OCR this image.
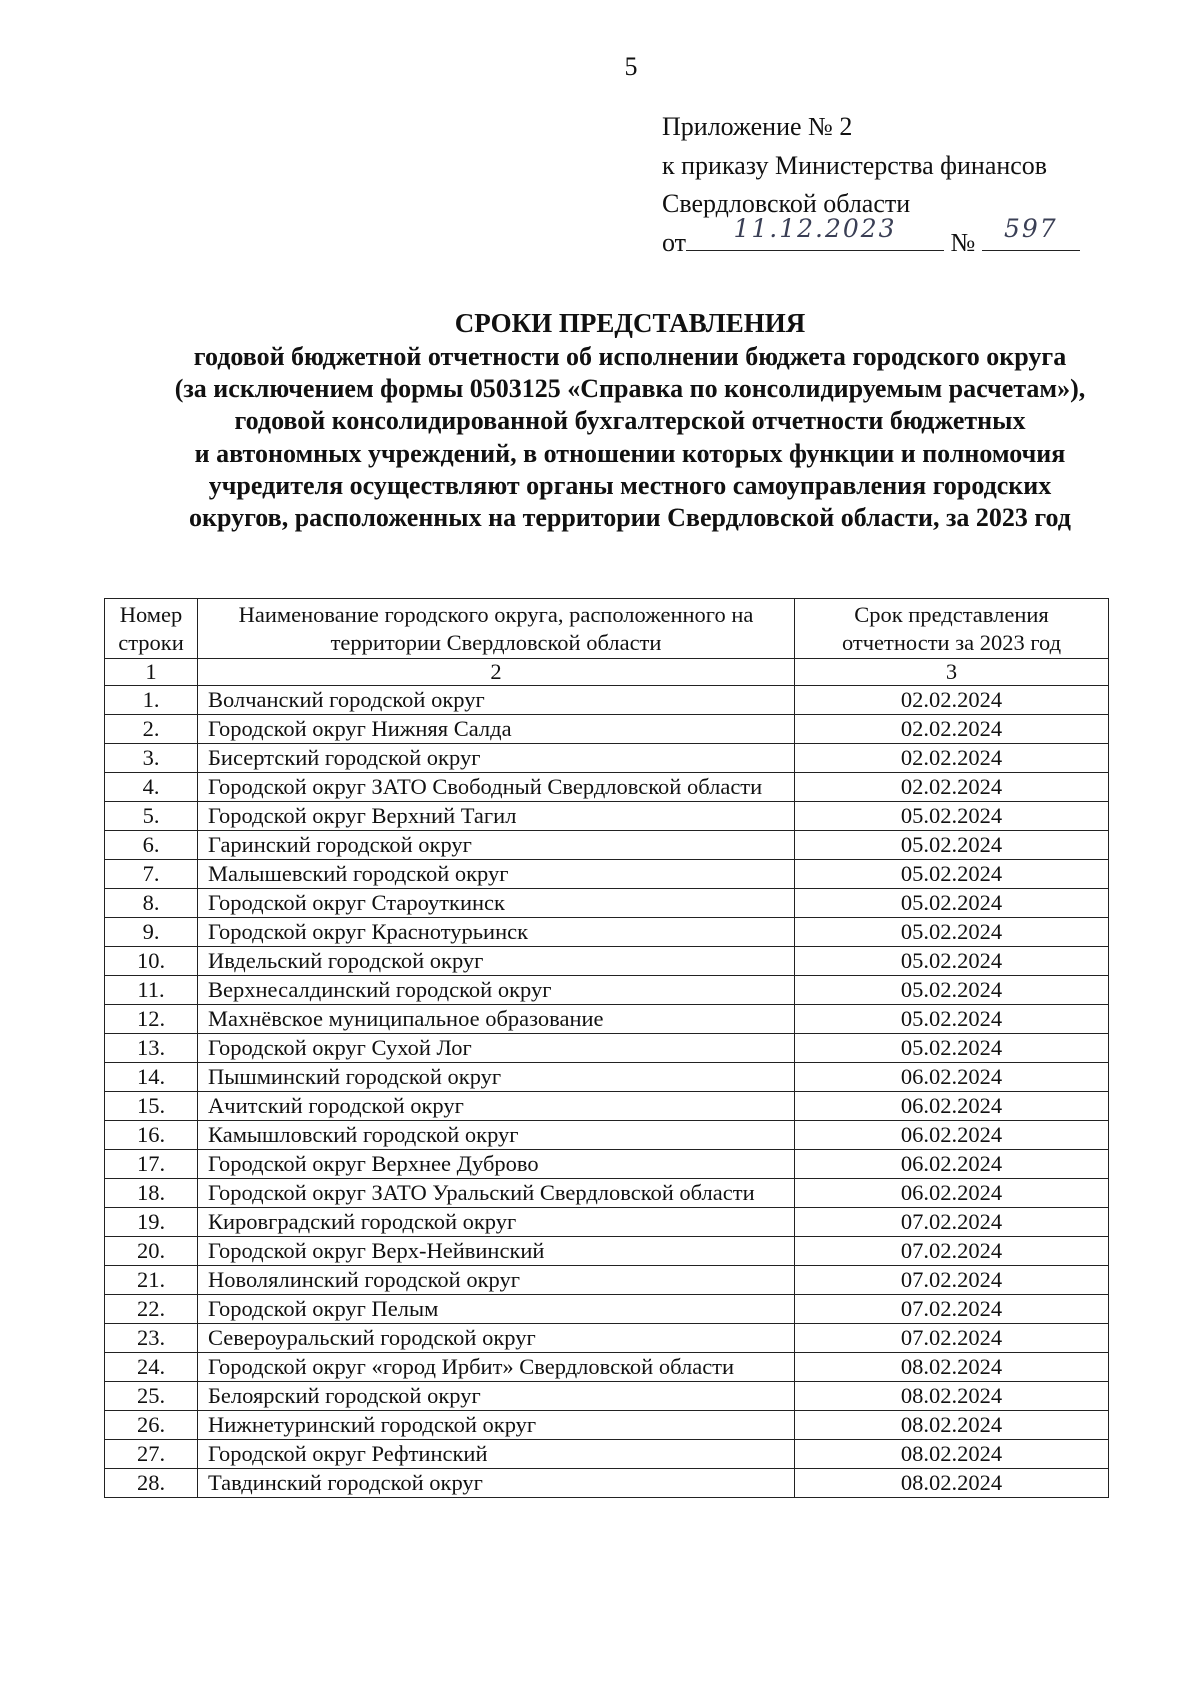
5
Приложение № 2
к приказу Министерства финансов
Свердловской области
от	11.12.2023	№	597
СРОКИ ПРЕДСТАВЛЕНИЯ
годовой бюджетной отчетности об исполнении бюджета городского округа
(за исключением формы 0503125 «Справка по консолидируемым расчетам»),
годовой консолидированной бухгалтерской отчетности бюджетных
и автономных учреждений, в отношении которых функции и полномочия
учредителя осуществляют органы местного самоуправления городских
округов, расположенных на территории Свердловской области, за 2023 год
Номер строки	Наименование городского округа, расположенного на территории Свердловской области	Срок представления отчетности за 2023 год
1	2	3
1.	Волчанский городской округ	02.02.2024
2.	Городской округ Нижняя Салда	02.02.2024
3.	Бисертский городской округ	02.02.2024
4.	Городской округ ЗАТО Свободный Свердловской области	02.02.2024
5.	Городской округ Верхний Тагил	05.02.2024
6.	Гаринский городской округ	05.02.2024
7.	Малышевский городской округ	05.02.2024
8.	Городской округ Староуткинск	05.02.2024
9.	Городской округ Краснотурьинск	05.02.2024
10.	Ивдельский городской округ	05.02.2024
11.	Верхнесалдинский городской округ	05.02.2024
12.	Махнёвское муниципальное образование	05.02.2024
13.	Городской округ Сухой Лог	05.02.2024
14.	Пышминский городской округ	06.02.2024
15.	Ачитский городской округ	06.02.2024
16.	Камышловский городской округ	06.02.2024
17.	Городской округ Верхнее Дуброво	06.02.2024
18.	Городской округ ЗАТО Уральский Свердловской области	06.02.2024
19.	Кировградский городской округ	07.02.2024
20.	Городской округ Верх-Нейвинский	07.02.2024
21.	Новолялинский городской округ	07.02.2024
22.	Городской округ Пелым	07.02.2024
23.	Североуральский городской округ	07.02.2024
24.	Городской округ «город Ирбит» Свердловской области	08.02.2024
25.	Белоярский городской округ	08.02.2024
26.	Нижнетуринский городской округ	08.02.2024
27.	Городской округ Рефтинский	08.02.2024
28.	Тавдинский городской округ	08.02.2024
